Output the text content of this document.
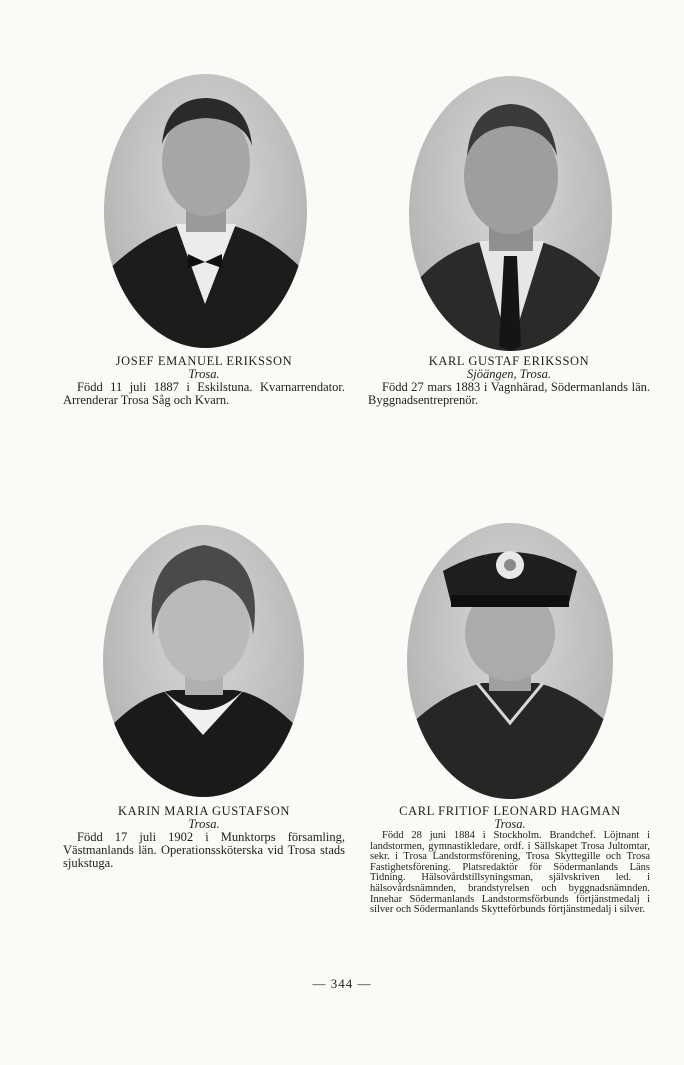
JOSEF EMANUEL ERIKSSON

Trosa.

Född 11 juli 1887 i Eskilstuna. Kvarnarrendator. Arrenderar Trosa Såg och Kvarn.

KARL GUSTAF ERIKSSON

Sjöängen, Trosa.

Född 27 mars 1883 i Vagnhärad, Södermanlands län. Byggnadsentreprenör.

KARIN MARIA GUSTAFSON

Trosa.

Född 17 juli 1902 i Munktorps församling, Västmanlands län. Operationssköterska vid Trosa stads sjukstuga.

CARL FRITIOF LEONARD HAGMAN

Trosa.

Född 28 juni 1884 i Stockholm. Brandchef. Löjtnant i landstormen, gymnastikledare, ordf. i Sällskapet Trosa Jultomtar, sekr. i Trosa Landstormsförening, Trosa Skyttegille och Trosa Fastighetsförening. Platsredaktör för Södermanlands Läns Tidning. Hälsovårdstillsyningsman, självskriven led. i hälsovårdsnämnden, brandstyrelsen och byggnadsnämnden. Innehar Södermanlands Landstormsförbunds förtjänstmedalj i silver och Södermanlands Skytteförbunds förtjänstmedalj i silver.

— 344 —
